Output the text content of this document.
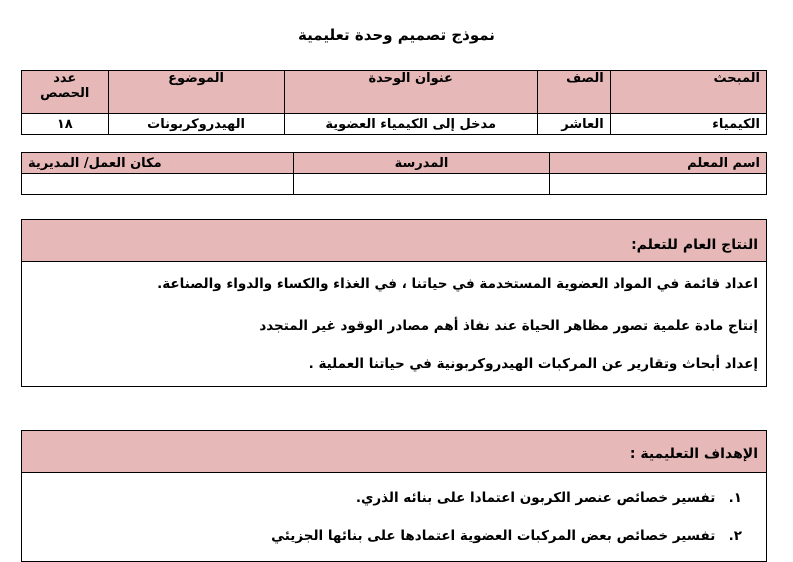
نموذج تصميم وحدة تعليمية
المبحث	الصف	عنوان الوحدة	الموضوع	عدد الحصص
الكيمياء	العاشر	مدخل إلى الكيمياء العضوية	الهيدروكربونات	١٨
اسم المعلم	المدرسة	مكان العمل/ المديرية

النتاج العام للتعلم:

اعداد قائمة في المواد العضوية المستخدمة في حياتنا ، في الغذاء والكساء والدواء والصناعة.

إنتاج مادة علمية تصور مظاهر الحياة عند نفاذ أهم مصادر الوقود غير المتجدد

إعداد أبحاث وتقارير عن المركبات الهيدروكربونية في حياتنا العملية .

الإهداف التعليمية :

١. تفسير خصائص عنصر الكربون اعتمادا على بنائه الذري.

٢. تفسير خصائص بعض المركبات العضوية اعتمادها على بنائها الجزيئي
